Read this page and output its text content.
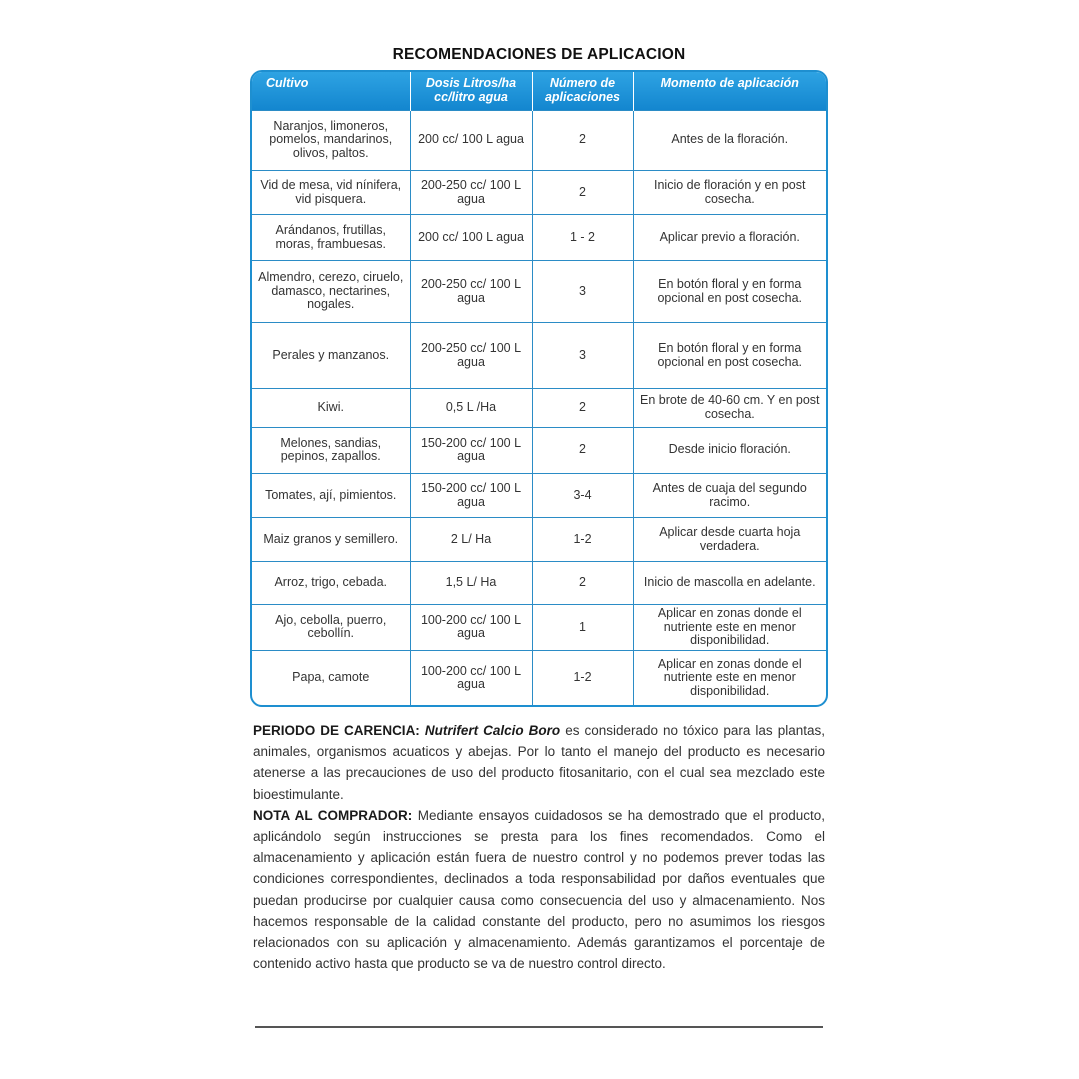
RECOMENDACIONES DE APLICACION
Cultivo	Dosis Litros/ha cc/litro agua	Número de aplicaciones	Momento de aplicación
Naranjos, limoneros, pomelos, mandarinos, olivos, paltos.	200 cc/ 100 L agua	2	Antes de la floración.
Vid de mesa, vid nínifera, vid pisquera.	200-250 cc/ 100 L agua	2	Inicio de floración y en post cosecha.
Arándanos, frutillas, moras, frambuesas.	200 cc/ 100 L agua	1 - 2	Aplicar previo a floración.
Almendro, cerezo, ciruelo, damasco, nectarines, nogales.	200-250 cc/ 100 L agua	3	En botón floral y en forma opcional en post cosecha.
Perales y manzanos.	200-250 cc/ 100 L agua	3	En botón floral y en forma opcional en post cosecha.
Kiwi.	0,5 L /Ha	2	En brote de 40-60 cm. Y en post cosecha.
Melones, sandias, pepinos, zapallos.	150-200 cc/ 100 L agua	2	Desde inicio floración.
Tomates, ají, pimientos.	150-200 cc/ 100 L agua	3-4	Antes de cuaja del segundo racimo.
Maiz granos y semillero.	2 L/ Ha	1-2	Aplicar desde cuarta hoja verdadera.
Arroz, trigo, cebada.	1,5 L/ Ha	2	Inicio de mascolla en adelante.
Ajo, cebolla, puerro, cebollín.	100-200 cc/ 100 L agua	1	Aplicar en zonas donde el nutriente este en menor disponibilidad.
Papa, camote	100-200 cc/ 100 L agua	1-2	Aplicar en zonas donde el nutriente este en menor disponibilidad.

PERIODO DE CARENCIA: Nutrifert Calcio Boro es considerado no tóxico para las plantas, animales, organismos acuaticos y abejas. Por lo tanto el manejo del producto es necesario atenerse a las precauciones de uso del producto fitosanitario, con el cual sea mezclado este bioestimulante.

NOTA AL COMPRADOR: Mediante ensayos cuidadosos se ha demostrado que el producto, aplicándolo según instrucciones se presta para los fines recomendados. Como el almacenamiento y aplicación están fuera de nuestro control y no podemos prever todas las condiciones correspondientes, declinados a toda responsabilidad por daños eventuales que puedan producirse por cualquier causa como consecuencia del uso y almacenamiento. Nos hacemos responsable de la calidad constante del producto, pero no asumimos los riesgos relacionados con su aplicación y almacenamiento. Además garantizamos el porcentaje de contenido activo hasta que producto se va de nuestro control directo.
